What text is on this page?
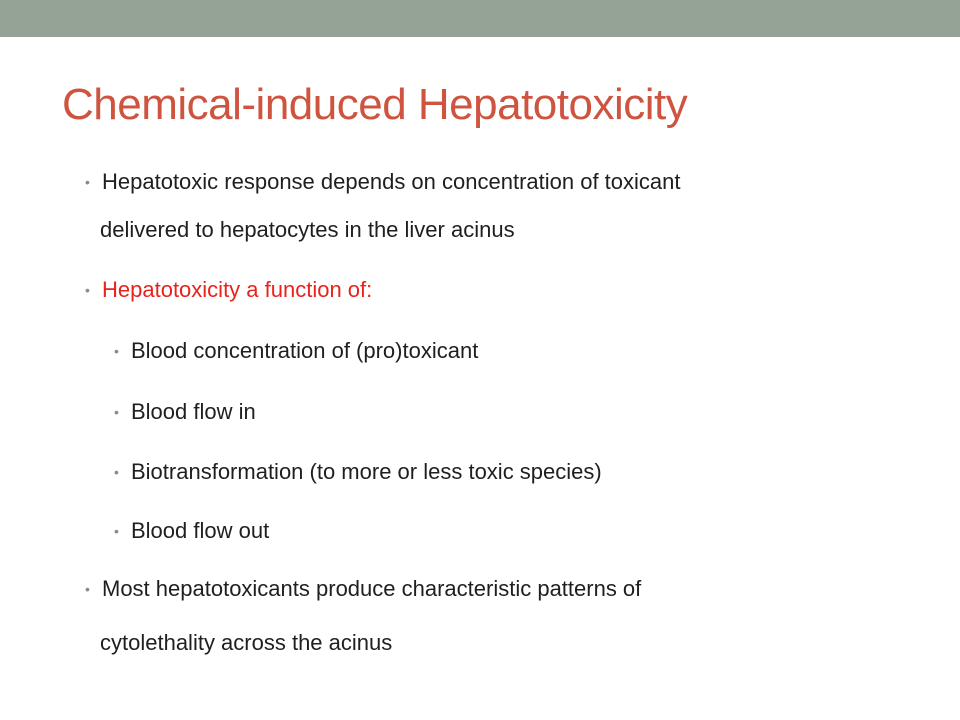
Chemical-induced Hepatotoxicity
• Hepatotoxic response depends on concentration of toxicant
delivered to hepatocytes in the liver acinus
• Hepatotoxicity a function of:
• Blood concentration of (pro)toxicant
• Blood flow in
• Biotransformation (to more or less toxic species)
• Blood flow out
• Most hepatotoxicants produce characteristic patterns of
cytolethality across the acinus
